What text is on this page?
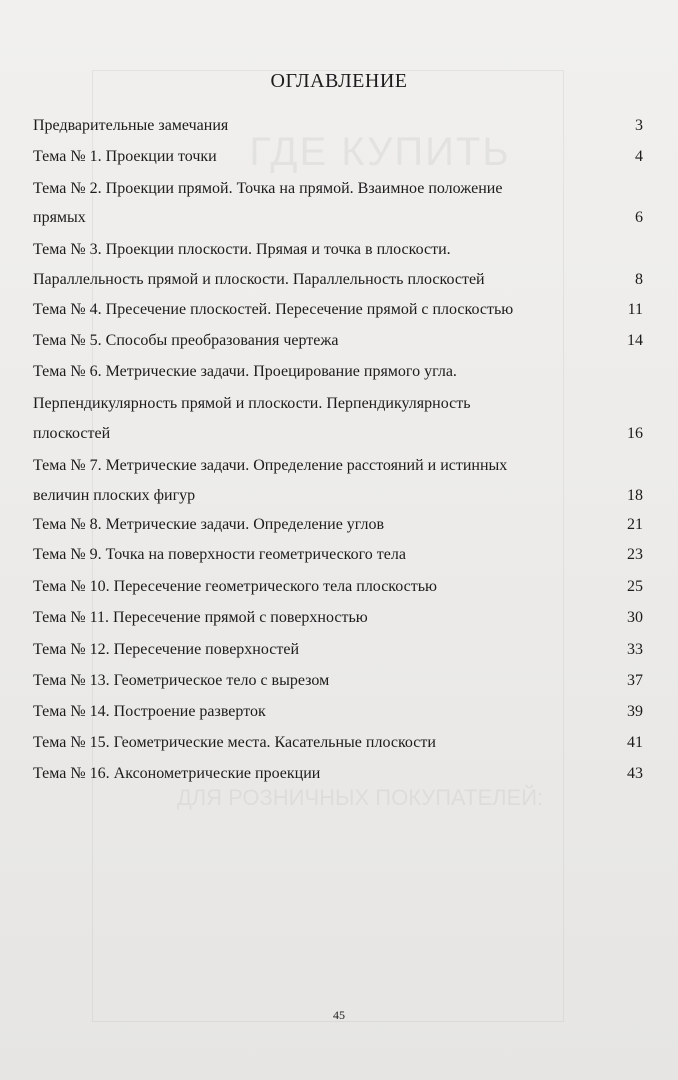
ГДЕ КУПИТЬ
ДЛЯ РОЗНИЧНЫХ ПОКУПАТЕЛЕЙ:
ОГЛАВЛЕНИЕ
Предварительные замечания	3
Тема № 1. Проекции точки	4
Тема № 2. Проекции прямой. Точка на прямой. Взаимное положение
прямых	6
Тема № 3. Проекции плоскости. Прямая и точка в плоскости.
Параллельность прямой и плоскости. Параллельность плоскостей	8
Тема № 4. Пресечение плоскостей. Пересечение прямой с плоскостью	11
Тема № 5. Способы преобразования чертежа	14
Тема № 6. Метрические задачи. Проецирование прямого угла.
Перпендикулярность прямой и плоскости. Перпендикулярность
плоскостей	16
Тема № 7. Метрические задачи. Определение расстояний и истинных
величин плоских фигур	18
Тема № 8. Метрические задачи. Определение углов	21
Тема № 9. Точка на поверхности геометрического тела	23
Тема № 10. Пересечение геометрического тела плоскостью	25
Тема № 11. Пересечение прямой с поверхностью	30
Тема № 12. Пересечение поверхностей	33
Тема № 13. Геометрическое тело с вырезом	37
Тема № 14. Построение разверток	39
Тема № 15. Геометрические места. Касательные плоскости	41
Тема № 16. Аксонометрические проекции	43
45
